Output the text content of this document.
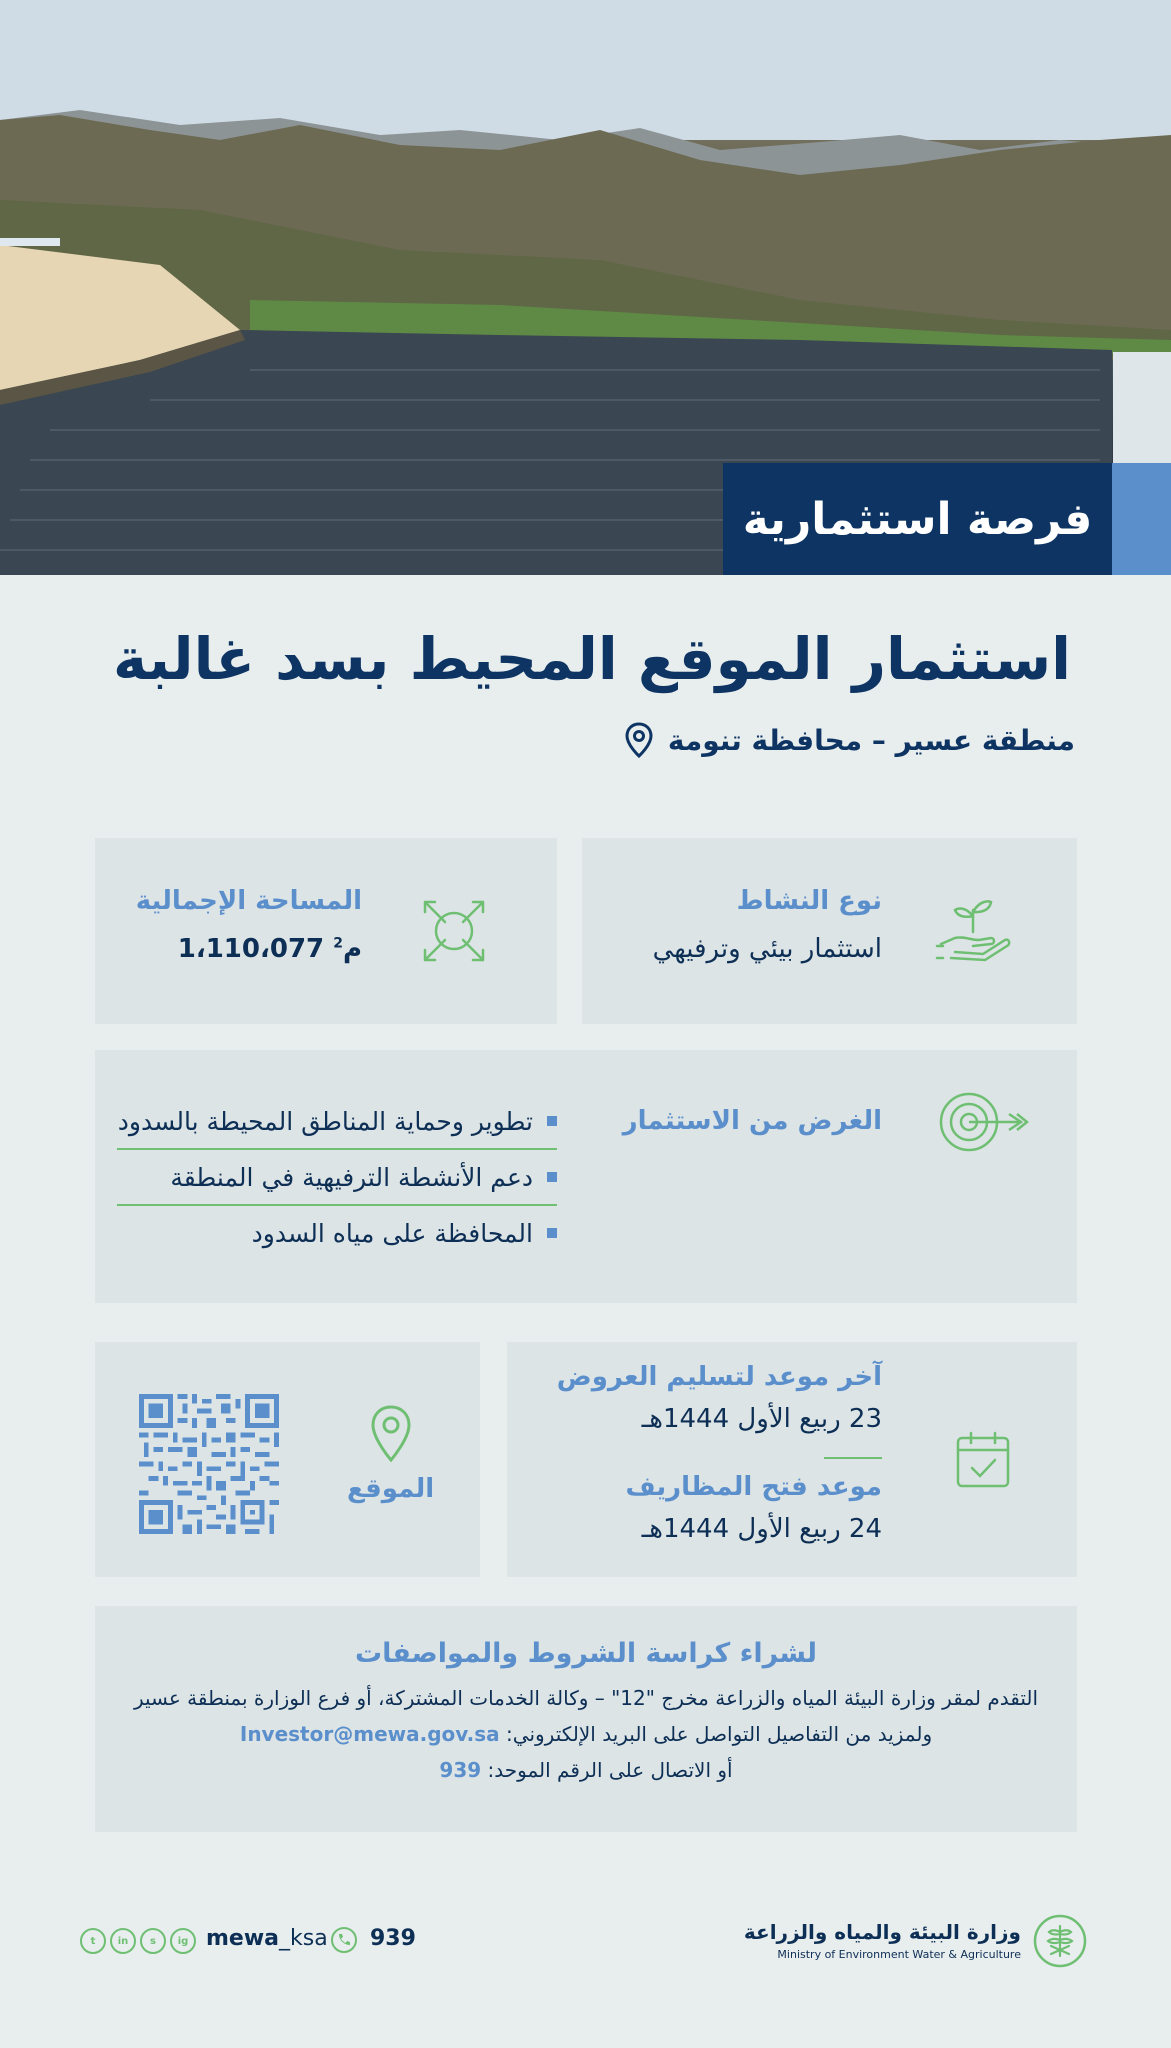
فرصة استثمارية
استثمار الموقع المحيط بسد غالبة
منطقة عسير – محافظة تنومة
نوع النشاط
استثمار بيئي وترفيهي
المساحة الإجمالية
م$^2$ 1،110،077
الغرض من الاستثمار
تطوير وحماية المناطق المحيطة بالسدود
دعم الأنشطة الترفيهية في المنطقة
المحافظة على مياه السدود
آخر موعد لتسليم العروض
23 ربيع الأول 1444هـ
موعد فتح المظاريف
24 ربيع الأول 1444هـ
الموقع
لشراء كراسة الشروط والمواصفات
التقدم لمقر وزارة البيئة المياه والزراعة مخرج "12" – وكالة الخدمات المشتركة، أو فرع الوزارة بمنطقة عسير
ولمزيد من التفاصيل التواصل على البريد الإلكتروني: Investor@mewa.gov.sa
أو الاتصال على الرقم الموحد: 939
t	in	s	ig mewa_ksa 939	وزارة البيئة والمياه والزراعة
Ministry of Environment Water & Agriculture
